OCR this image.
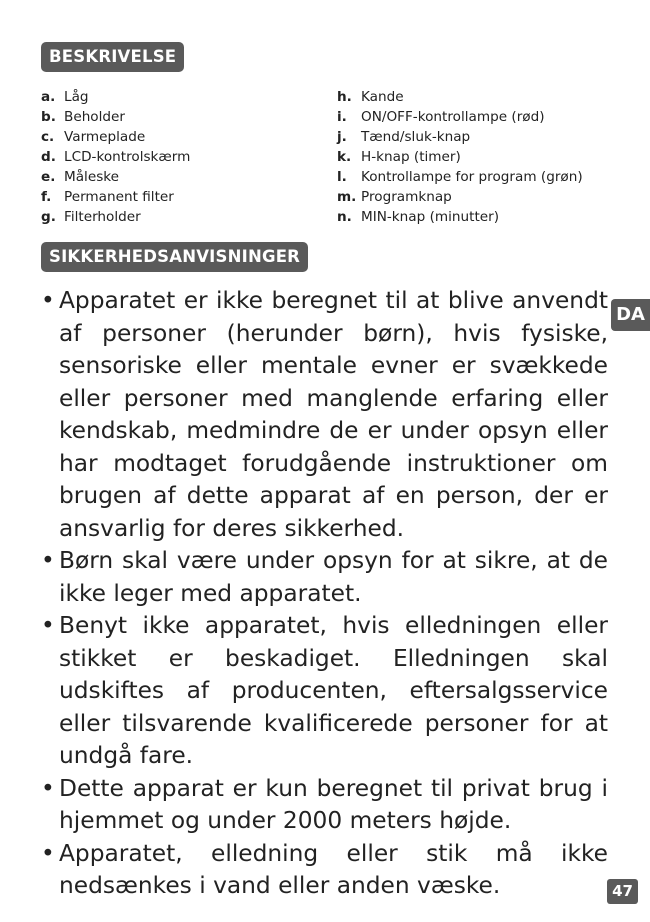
BESKRIVELSE
a. Låg
b. Beholder
c. Varmeplade
d. LCD-kontrolskærm
e. Måleske
f. Permanent filter
g. Filterholder
h. Kande
i. ON/OFF-kontrollampe (rød)
j. Tænd/sluk-knap
k. H-knap (timer)
l. Kontrollampe for program (grøn)
m. Programknap
n. MIN-knap (minutter)
SIKKERHEDSANVISNINGER
DA
• Apparatet er ikke beregnet til at blive anvendt af personer (herunder børn), hvis fysiske, sensoriske eller mentale evner er svækkede eller personer med manglende erfaring eller kendskab, medmindre de er under opsyn eller har modtaget forudgående instruktioner om brugen af dette apparat af en person, der er ansvarlig for deres sikkerhed.
• Børn skal være under opsyn for at sikre, at de ikke leger med apparatet.
• Benyt ikke apparatet, hvis elledningen eller stikket er beskadiget. Elledningen skal udskiftes af producenten, eftersalgsservice eller tilsvarende kvalificerede personer for at undgå fare.
• Dette apparat er kun beregnet til privat brug i hjemmet og under 2000 meters højde.
• Apparatet, elledning eller stik må ikke nedsænkes i vand eller anden væske.	47
